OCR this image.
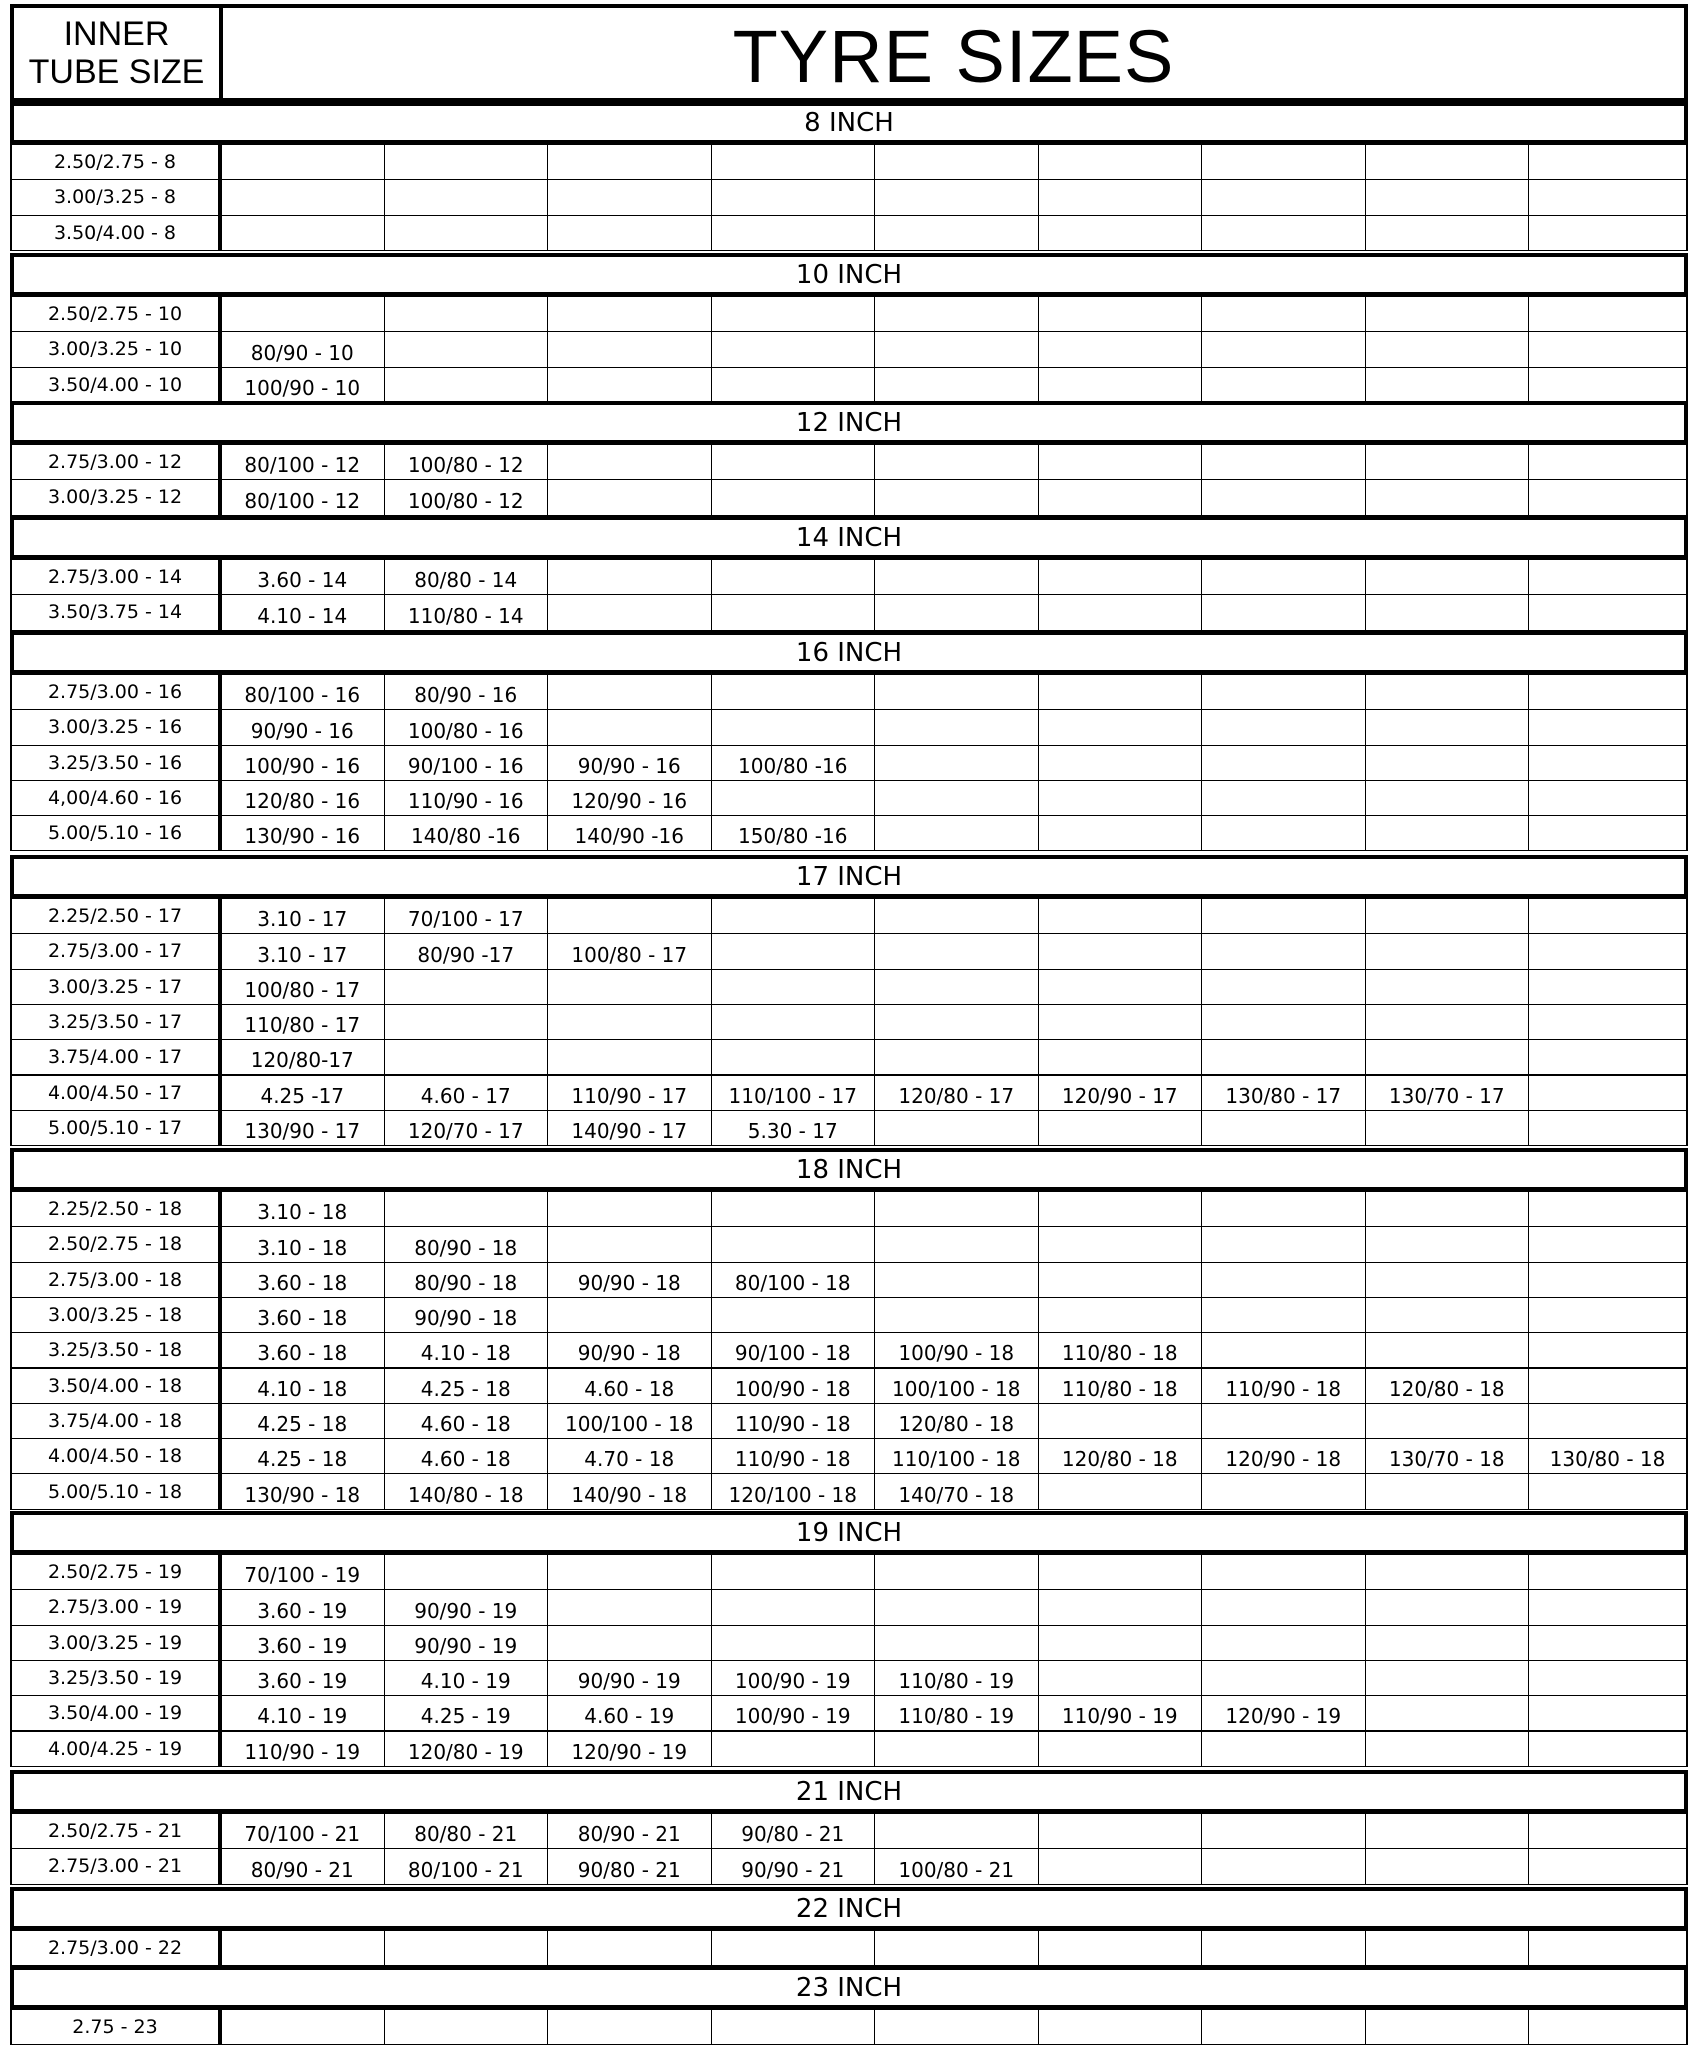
INNER
TUBE SIZE	TYRE SIZES
8 INCH
2.50/2.75 - 8
3.00/3.25 - 8
3.50/4.00 - 8
10 INCH
2.50/2.75 - 10
3.00/3.25 - 10	80/90 - 10
3.50/4.00 - 10	100/90 - 10
12 INCH
2.75/3.00 - 12	80/100 - 12	100/80 - 12
3.00/3.25 - 12	80/100 - 12	100/80 - 12
14 INCH
2.75/3.00 - 14	3.60 - 14	80/80 - 14
3.50/3.75 - 14	4.10 - 14	110/80 - 14
16 INCH
2.75/3.00 - 16	80/100 - 16	80/90 - 16
3.00/3.25 - 16	90/90 - 16	100/80 - 16
3.25/3.50 - 16	100/90 - 16	90/100 - 16	90/90 - 16	100/80 -16
4,00/4.60 - 16	120/80 - 16	110/90 - 16	120/90 - 16
5.00/5.10 - 16	130/90 - 16	140/80 -16	140/90 -16	150/80 -16
17 INCH
2.25/2.50 - 17	3.10 - 17	70/100 - 17
2.75/3.00 - 17	3.10 - 17	80/90 -17	100/80 - 17
3.00/3.25 - 17	100/80 - 17
3.25/3.50 - 17	110/80 - 17
3.75/4.00 - 17	120/80-17
4.00/4.50 - 17	4.25 -17	4.60 - 17	110/90 - 17	110/100 - 17	120/80 - 17	120/90 - 17	130/80 - 17	130/70 - 17
5.00/5.10 - 17	130/90 - 17	120/70 - 17	140/90 - 17	5.30 - 17
18 INCH
2.25/2.50 - 18	3.10 - 18
2.50/2.75 - 18	3.10 - 18	80/90 - 18
2.75/3.00 - 18	3.60 - 18	80/90 - 18	90/90 - 18	80/100 - 18
3.00/3.25 - 18	3.60 - 18	90/90 - 18
3.25/3.50 - 18	3.60 - 18	4.10 - 18	90/90 - 18	90/100 - 18	100/90 - 18	110/80 - 18
3.50/4.00 - 18	4.10 - 18	4.25 - 18	4.60 - 18	100/90 - 18	100/100 - 18	110/80 - 18	110/90 - 18	120/80 - 18
3.75/4.00 - 18	4.25 - 18	4.60 - 18	100/100 - 18	110/90 - 18	120/80 - 18
4.00/4.50 - 18	4.25 - 18	4.60 - 18	4.70 - 18	110/90 - 18	110/100 - 18	120/80 - 18	120/90 - 18	130/70 - 18	130/80 - 18
5.00/5.10 - 18	130/90 - 18	140/80 - 18	140/90 - 18	120/100 - 18	140/70 - 18
19 INCH
2.50/2.75 - 19	70/100 - 19
2.75/3.00 - 19	3.60 - 19	90/90 - 19
3.00/3.25 - 19	3.60 - 19	90/90 - 19
3.25/3.50 - 19	3.60 - 19	4.10 - 19	90/90 - 19	100/90 - 19	110/80 - 19
3.50/4.00 - 19	4.10 - 19	4.25 - 19	4.60 - 19	100/90 - 19	110/80 - 19	110/90 - 19	120/90 - 19
4.00/4.25 - 19	110/90 - 19	120/80 - 19	120/90 - 19
21 INCH
2.50/2.75 - 21	70/100 - 21	80/80 - 21	80/90 - 21	90/80 - 21
2.75/3.00 - 21	80/90 - 21	80/100 - 21	90/80 - 21	90/90 - 21	100/80 - 21
22 INCH
2.75/3.00 - 22
23 INCH
2.75 - 23
